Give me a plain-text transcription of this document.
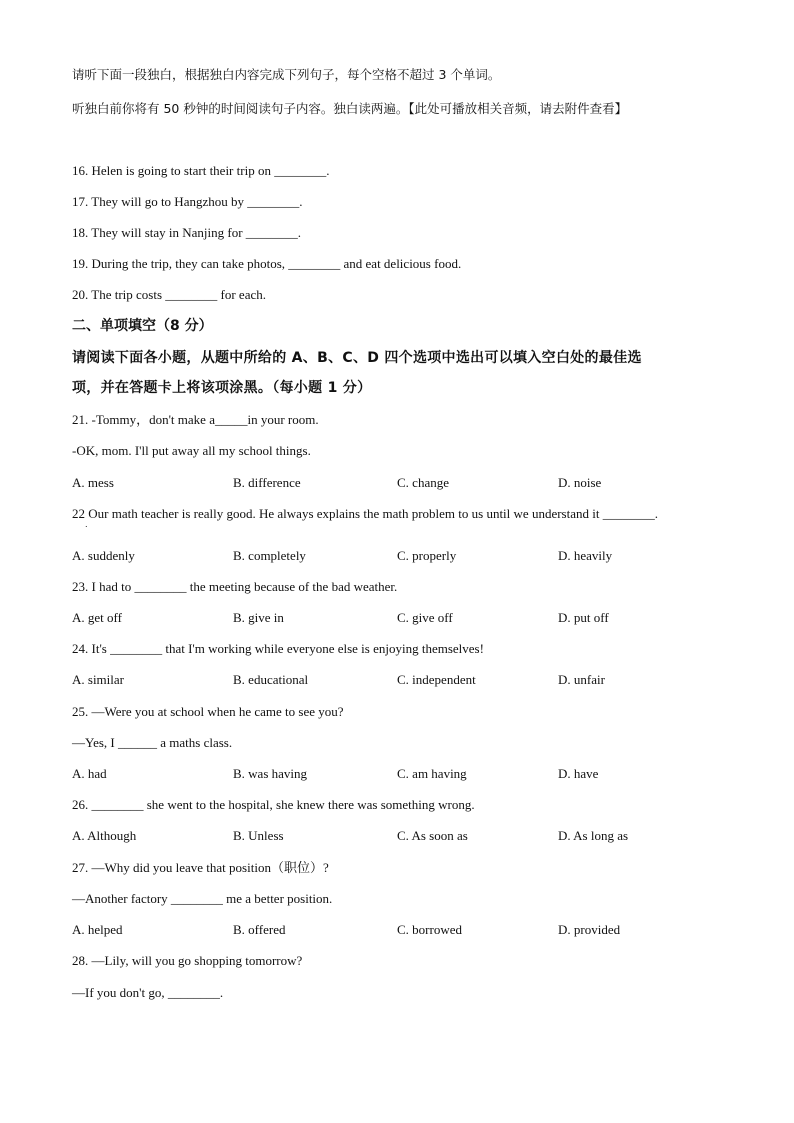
请听下面一段独白，根据独白内容完成下列句子，每个空格不超过 3 个单词。
听独白前你将有 50 秒钟的时间阅读句子内容。独白读两遍。【此处可播放相关音频，请去附件查看】
16. Helen is going to start their trip on ________.
17. They will go to Hangzhou by ________.
18. They will stay in Nanjing for ________.
19. During the trip, they can take photos, ________ and eat delicious food.
20. The trip costs ________ for each.
二、单项填空（8 分）
请阅读下面各小题，从题中所给的 A、B、C、D 四个选项中选出可以填入空白处的最佳选
项，并在答题卡上将该项涂黑。（每小题 1 分）
21. -Tommy，don't make a_____in your room.
-OK, mom. I'll put away all my school things.
A. mess	B. difference	C. change	D. noise
22 Our math teacher is really good. He always explains the math problem to us until we understand it ________.
.
A. suddenly	B. completely	C. properly	D. heavily
23. I had to ________ the meeting because of the bad weather.
A. get off	B. give in	C. give off	D. put off
24. It's ________ that I'm working while everyone else is enjoying themselves!
A. similar	B. educational	C. independent	D. unfair
25. —Were you at school when he came to see you?
—Yes, I ______ a maths class.
A. had	B. was having	C. am having	D. have
26. ________ she went to the hospital, she knew there was something wrong.
A. Although	B. Unless	C. As soon as	D. As long as
27. —Why did you leave that position（职位）?
—Another factory ________ me a better position.
A. helped	B. offered	C. borrowed	D. provided
28. —Lily, will you go shopping tomorrow?
—If you don't go, ________.
